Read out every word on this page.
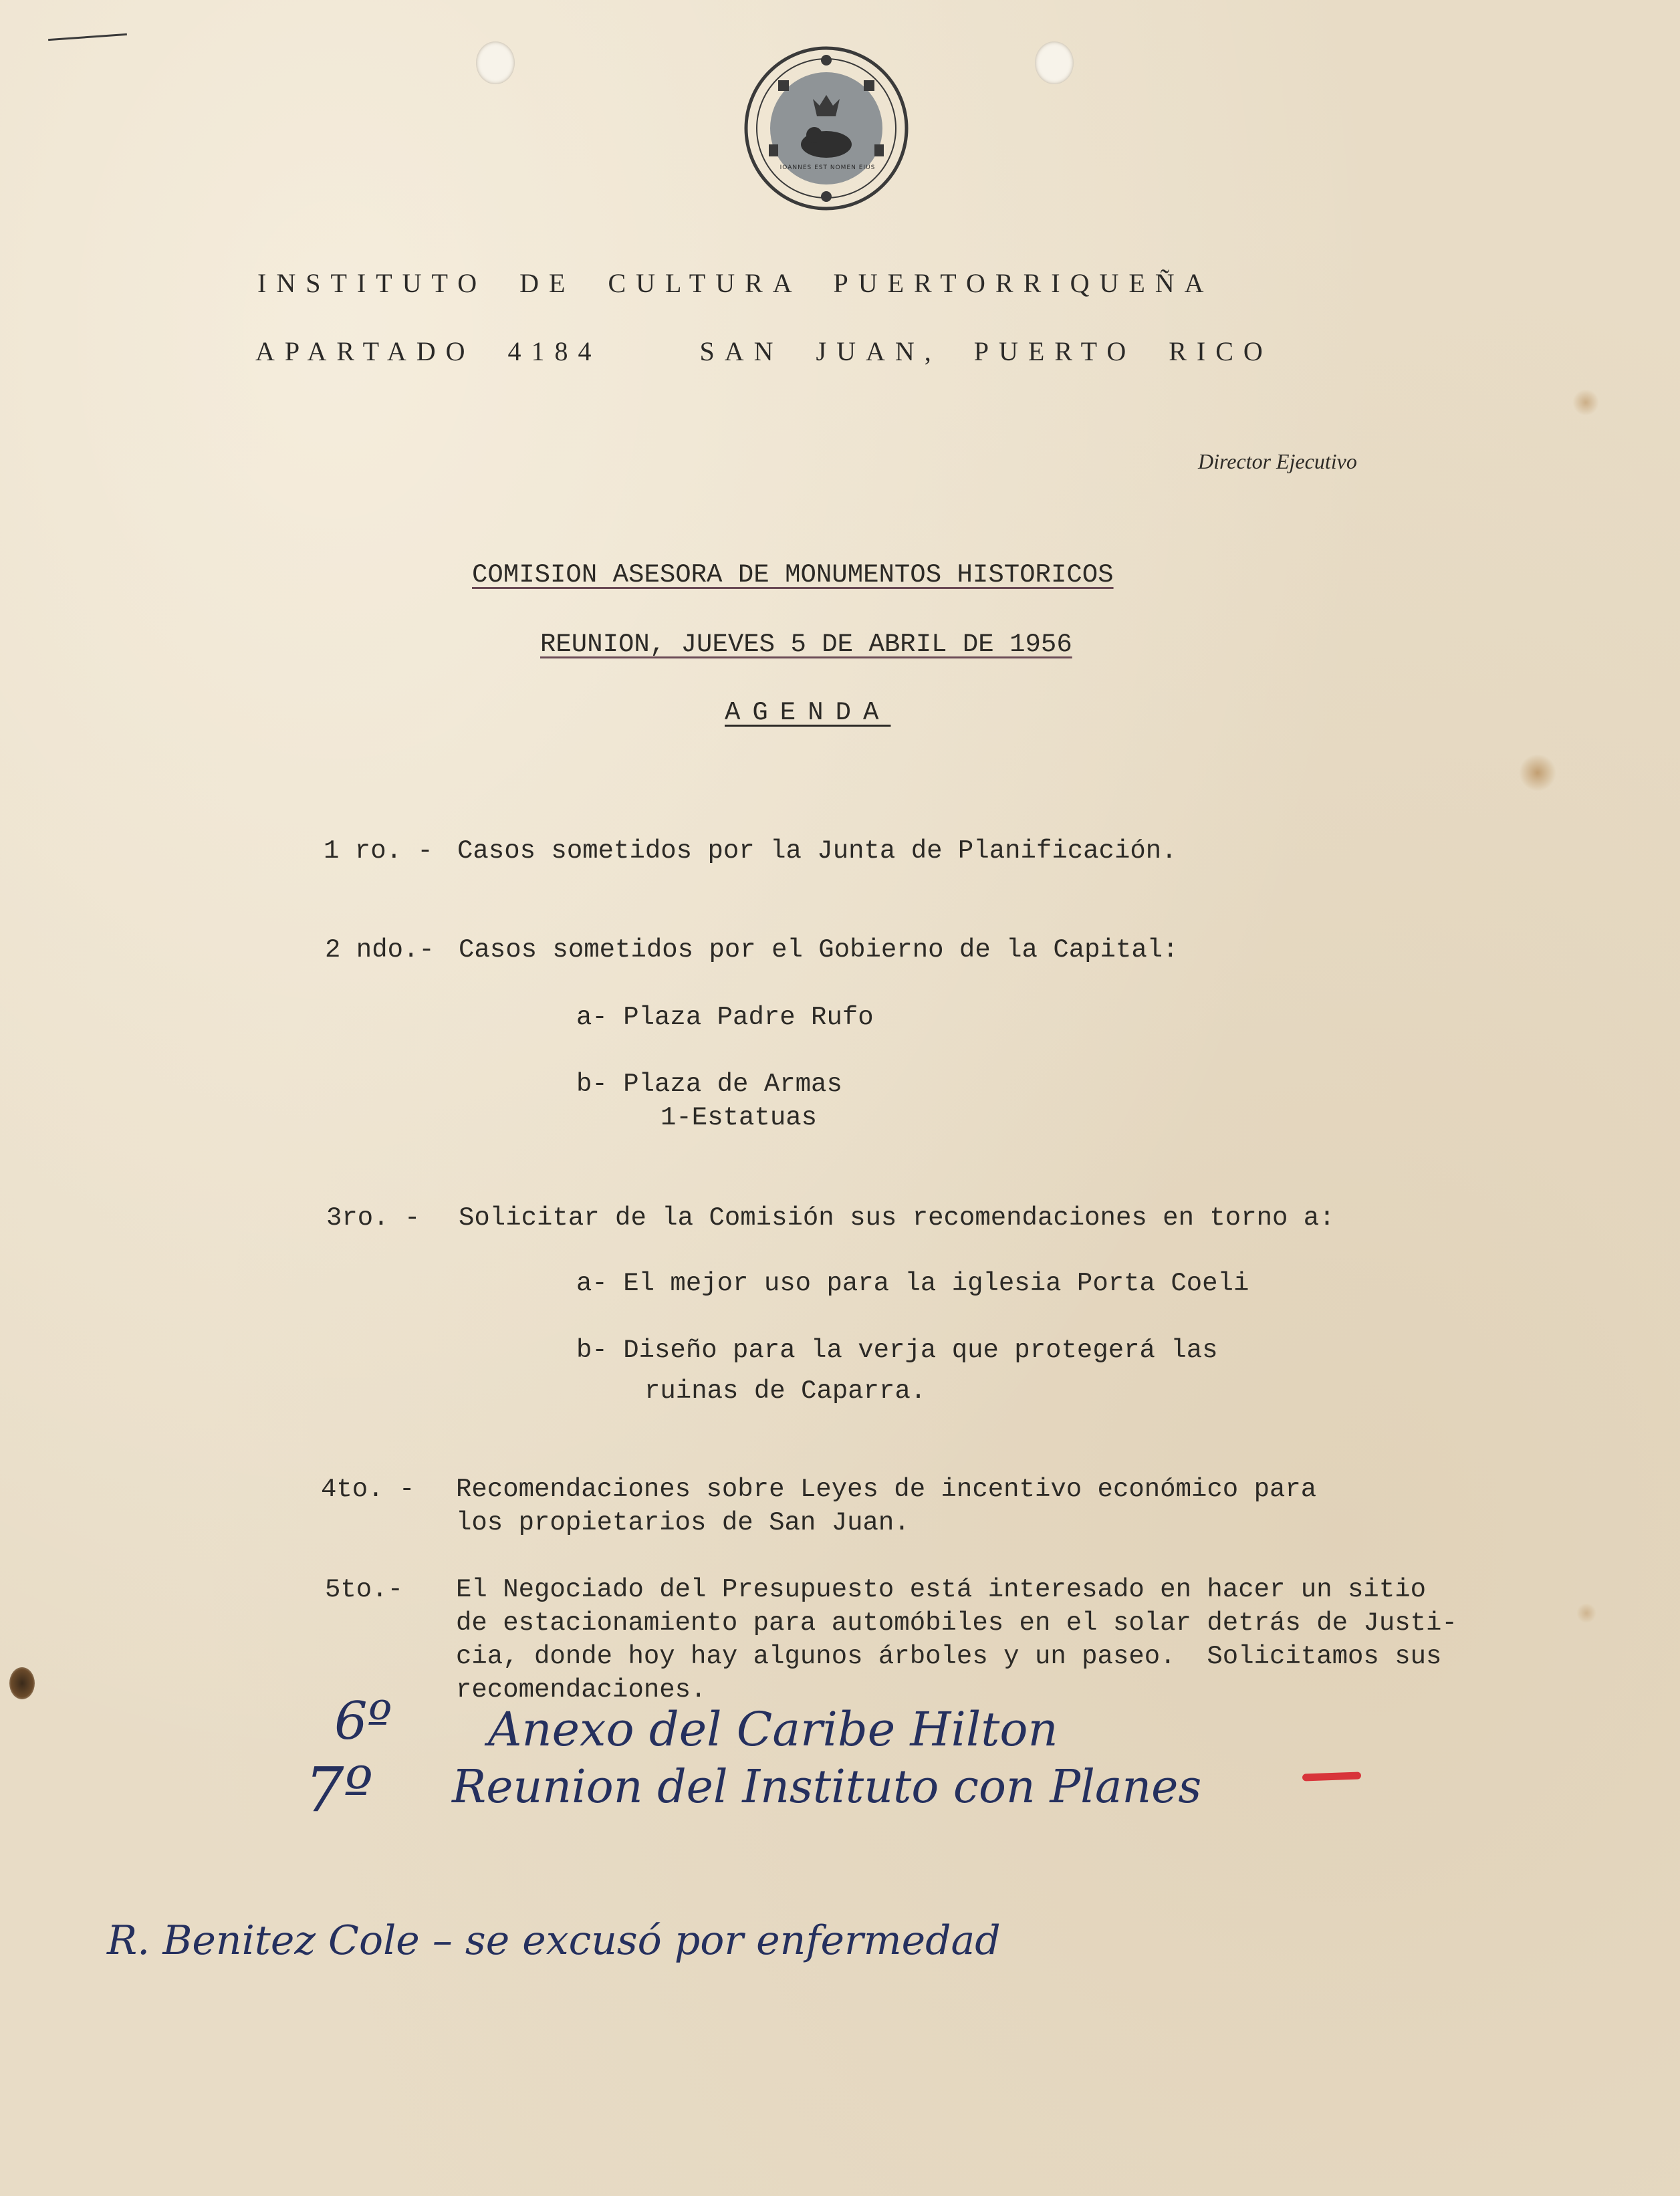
IOANNES EST NOMEN EIUS
INSTITUTO DE CULTURA PUERTORRIQUEÑA
APARTADO 4184   SAN JUAN, PUERTO RICO
Director Ejecutivo
COMISION ASESORA DE MONUMENTOS HISTORICOS
REUNION, JUEVES 5 DE ABRIL DE 1956
AGENDA
1 ro. - Casos sometidos por la Junta de Planificación.
2 ndo.- Casos sometidos por el Gobierno de la Capital:
a- Plaza Padre Rufo
b- Plaza de Armas
1-Estatuas
3ro. - Solicitar de la Comisión sus recomendaciones en torno a:
a- El mejor uso para la iglesia Porta Coeli
b- Diseño para la verja que protegerá las
ruinas de Caparra.
4to. - Recomendaciones sobre Leyes de incentivo económico para
los propietarios de San Juan.
5to.- El Negociado del Presupuesto está interesado en hacer un sitio
de estacionamiento para automóbiles en el solar detrás de Justi-
cia, donde hoy hay algunos árboles y un paseo.  Solicitamos sus
recomendaciones.
6º Anexo del Caribe Hilton
7º Reunion del Instituto con Planes
R. Benitez Cole – se excusó por enfermedad
